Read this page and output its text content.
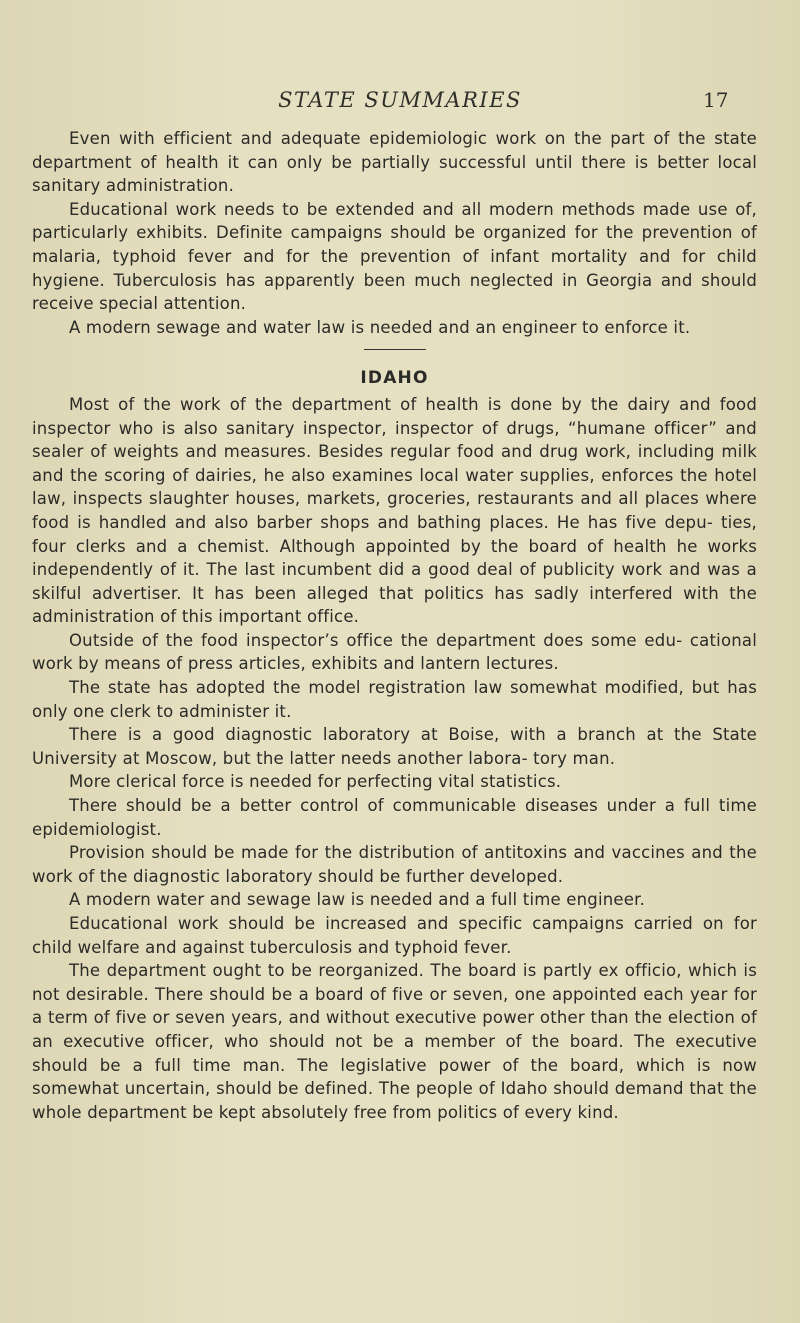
STATE SUMMARIES	17

Even with efficient and adequate epidemiologic work on the part of the state department of health it can only be partially successful until there is better local sanitary administration.

Educational work needs to be extended and all modern methods made use of, particularly exhibits. Definite campaigns should be organized for the prevention of malaria, typhoid fever and for the prevention of infant mortality and for child hygiene. Tuberculosis has apparently been much neglected in Georgia and should receive special attention.

A modern sewage and water law is needed and an engineer to enforce it.

IDAHO

Most of the work of the department of health is done by the dairy and food inspector who is also sanitary inspector, inspector of drugs, “humane officer” and sealer of weights and measures. Besides regular food and drug work, including milk and the scoring of dairies, he also examines local water supplies, enforces the hotel law, inspects slaughter houses, markets, groceries, restaurants and all places where food is handled and also barber shops and bathing places. He has five depu- ties, four clerks and a chemist. Although appointed by the board of health he works independently of it. The last incumbent did a good deal of publicity work and was a skilful advertiser. It has been alleged that politics has sadly interfered with the administration of this important office.

Outside of the food inspector’s office the department does some edu- cational work by means of press articles, exhibits and lantern lectures.

The state has adopted the model registration law somewhat modified, but has only one clerk to administer it.

There is a good diagnostic laboratory at Boise, with a branch at the State University at Moscow, but the latter needs another labora- tory man.

More clerical force is needed for perfecting vital statistics.

There should be a better control of communicable diseases under a full time epidemiologist.

Provision should be made for the distribution of antitoxins and vaccines and the work of the diagnostic laboratory should be further developed.

A modern water and sewage law is needed and a full time engineer.

Educational work should be increased and specific campaigns carried on for child welfare and against tuberculosis and typhoid fever.

The department ought to be reorganized. The board is partly ex officio, which is not desirable. There should be a board of five or seven, one appointed each year for a term of five or seven years, and without executive power other than the election of an executive officer, who should not be a member of the board. The executive should be a full time man. The legislative power of the board, which is now somewhat uncertain, should be defined. The people of Idaho should demand that the whole department be kept absolutely free from politics of every kind.
